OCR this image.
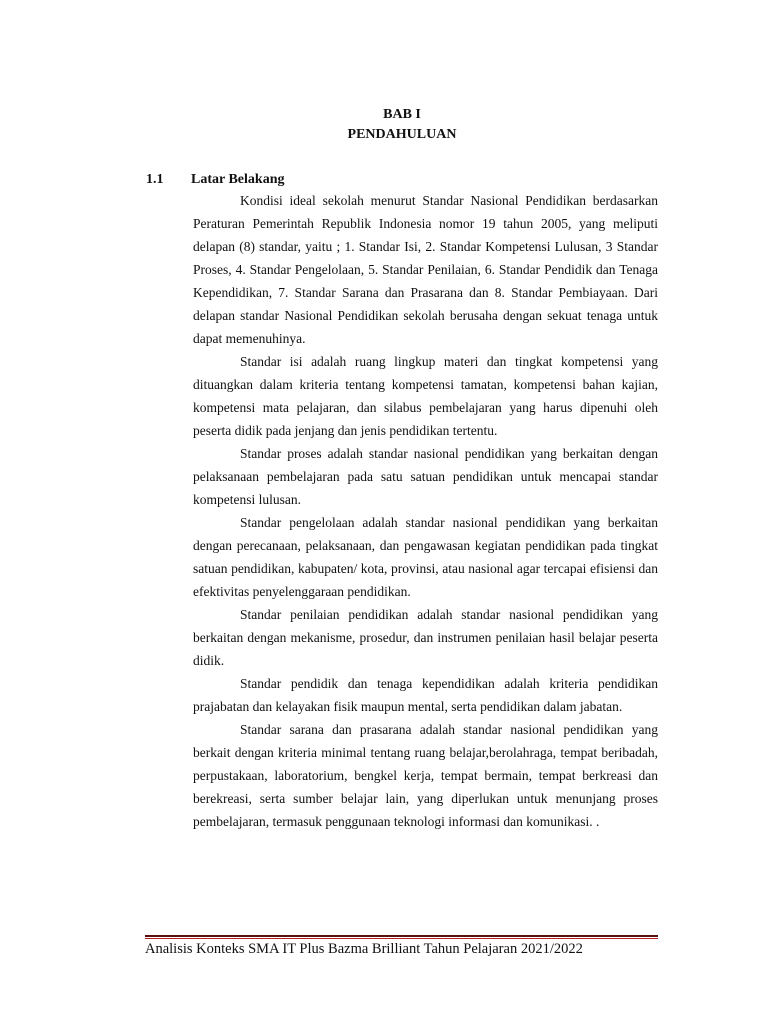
BAB I
PENDAHULUAN
1.1 Latar Belakang

Kondisi ideal sekolah menurut Standar Nasional Pendidikan berdasarkan Peraturan Pemerintah Republik Indonesia nomor 19 tahun 2005, yang meliputi delapan (8) standar, yaitu ; 1. Standar Isi, 2. Standar Kompetensi Lulusan, 3 Standar Proses, 4. Standar Pengelolaan, 5. Standar Penilaian, 6. Standar Pendidik dan Tenaga Kependidikan, 7. Standar Sarana dan Prasarana dan 8. Standar Pembiayaan. Dari delapan standar Nasional Pendidikan sekolah berusaha dengan sekuat tenaga untuk dapat memenuhinya.

Standar isi adalah ruang lingkup materi dan tingkat kompetensi yang dituangkan dalam kriteria tentang kompetensi tamatan, kompetensi bahan kajian, kompetensi mata pelajaran, dan silabus pembelajaran yang harus dipenuhi oleh peserta didik pada jenjang dan jenis pendidikan tertentu.

Standar proses adalah standar nasional pendidikan yang berkaitan dengan pelaksanaan pembelajaran pada satu satuan pendidikan untuk mencapai standar kompetensi lulusan.

Standar pengelolaan adalah standar nasional pendidikan yang berkaitan dengan perecanaan, pelaksanaan, dan pengawasan kegiatan pendidikan pada tingkat satuan pendidikan, kabupaten/ kota, provinsi, atau nasional agar tercapai efisiensi dan efektivitas penyelenggaraan pendidikan.

Standar penilaian pendidikan adalah standar nasional pendidikan yang berkaitan dengan mekanisme, prosedur, dan instrumen penilaian hasil belajar peserta didik.

Standar pendidik dan tenaga kependidikan adalah kriteria pendidikan prajabatan dan kelayakan fisik maupun mental, serta pendidikan dalam jabatan.

Standar sarana dan prasarana adalah standar nasional pendidikan yang berkait dengan kriteria minimal tentang ruang belajar,berolahraga, tempat beribadah, perpustakaan, laboratorium, bengkel kerja, tempat bermain, tempat berkreasi dan berekreasi, serta sumber belajar lain, yang diperlukan untuk menunjang proses pembelajaran, termasuk penggunaan teknologi informasi dan komunikasi. .

Analisis Konteks SMA IT Plus Bazma Brilliant Tahun Pelajaran 2021/2022
